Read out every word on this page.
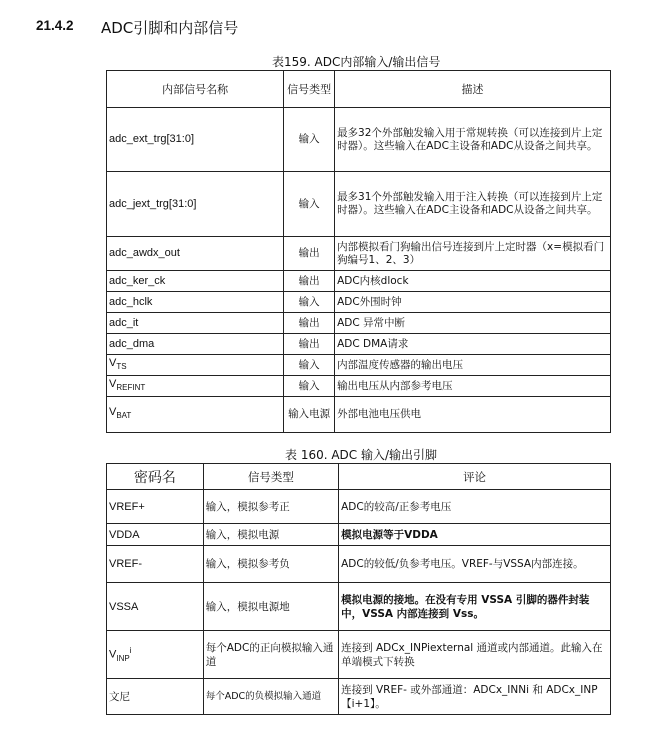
21.4.2 ADC引脚和内部信号
表159. ADC内部输入/输出信号
内部信号名称	信号类型	描述
adc_ext_trg[31:0]	输入	最多32个外部触发输入用于常规转换（可以连接到片上定时器）。这些输入在ADC主设备和ADC从设备之间共享。
adc_jext_trg[31:0]	输入	最多31个外部触发输入用于注入转换（可以连接到片上定时器）。这些输入在ADC主设备和ADC从设备之间共享。
adc_awdx_out	输出	内部模拟看门狗输出信号连接到片上定时器（x=模拟看门狗编号1、2、3）
adc_ker_ck	输出	ADC内核dlock
adc_hclk	输入	ADC外围时钟
adc_it	输出	ADC 异常中断
adc_dma	输出	ADC DMA请求
$V_{TS}$	输入	内部温度传感器的输出电压
$V_{REFINT}$	输入	输出电压从内部参考电压
$V_{BAT}$	输入电源	外部电池电压供电
表 160. ADC 输入/输出引脚
密码名	信号类型	评论
VREF+	输入，模拟参考正	ADC的较高/正参考电压
VDDA	输入，模拟电源	模拟电源等于VDDA
VREF-	输入，模拟参考负	ADC的较低/负参考电压。VREF-与VSSA内部连接。
VSSA	输入，模拟电源地	模拟电源的接地。在没有专用 VSSA 引脚的器件封装中，VSSA 内部连接到 Vss。
$V_{INP}^i$	每个ADC的正向模拟输入通道	连接到 ADCx_INPiexternal 通道或内部通道。此输入在单端模式下转换
文尼	每个ADC的负模拟输入通道	连接到 VREF- 或外部通道：ADCx_INNi 和 ADCx_INP【i+1】。
